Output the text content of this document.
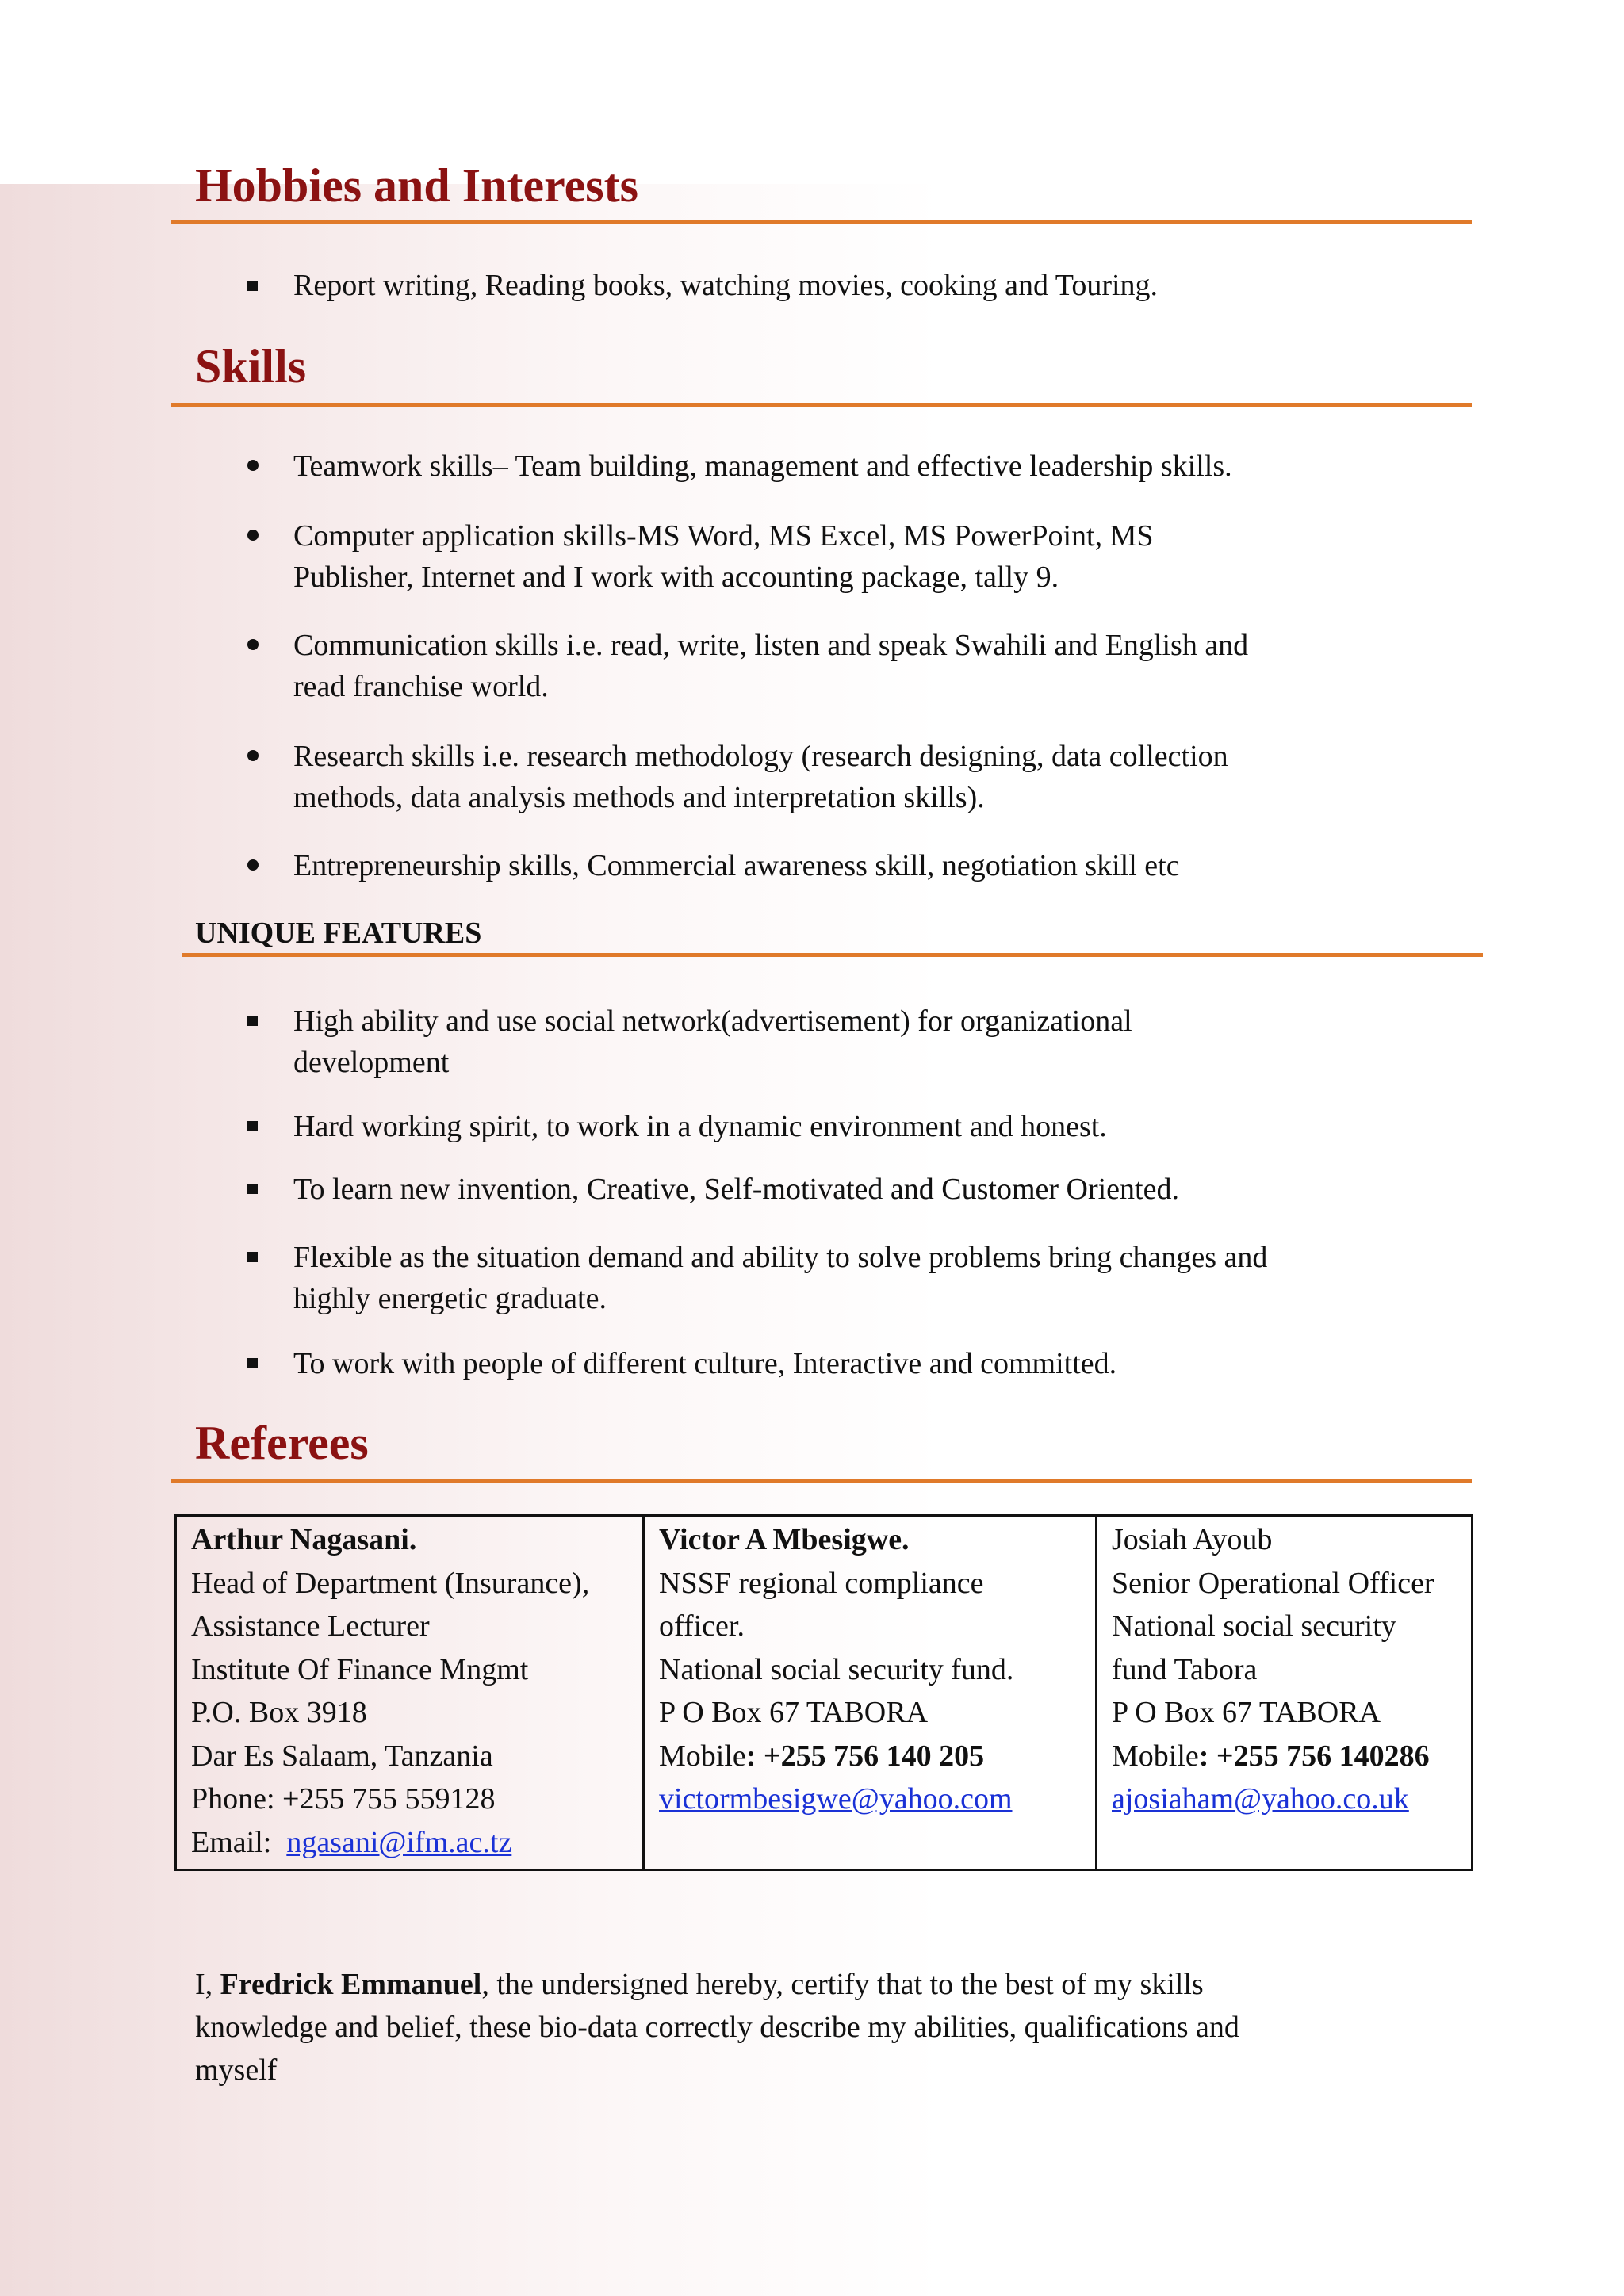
Hobbies and Interests
Report writing, Reading books, watching movies, cooking and Touring.
Skills
Teamwork skills– Team building, management and effective leadership skills.
Computer application skills-MS Word, MS Excel, MS PowerPoint, MS
Publisher, Internet and I work with accounting package, tally 9.
Communication skills i.e. read, write, listen and speak Swahili and English and
read franchise world.
Research skills i.e. research methodology (research designing, data collection
methods, data analysis methods and interpretation skills).
Entrepreneurship skills, Commercial awareness skill, negotiation skill etc
UNIQUE FEATURES
High ability and use social network(advertisement) for organizational
development
Hard working spirit, to work in a dynamic environment and honest.
To learn new invention, Creative, Self-motivated and Customer Oriented.
Flexible as the situation demand and ability to solve problems bring changes and
highly energetic graduate.
To work with people of different culture, Interactive and committed.
Referees
Arthur Nagasani.
Head of Department (Insurance),
Assistance Lecturer
Institute Of Finance Mngmt
P.O. Box 3918
Dar Es Salaam, Tanzania
Phone: +255 755 559128
Email: ngasani@ifm.ac.tz

Victor A Mbesigwe.
NSSF regional compliance
officer.
National social security fund.
P O Box 67 TABORA
Mobile: +255 756 140 205
victormbesigwe@yahoo.com

Josiah Ayoub
Senior Operational Officer
National social security
fund Tabora
P O Box 67 TABORA
Mobile: +255 756 140286
ajosiaham@yahoo.co.uk
I, Fredrick Emmanuel, the undersigned hereby, certify that to the best of my skills
knowledge and belief, these bio-data correctly describe my abilities, qualifications and
myself
